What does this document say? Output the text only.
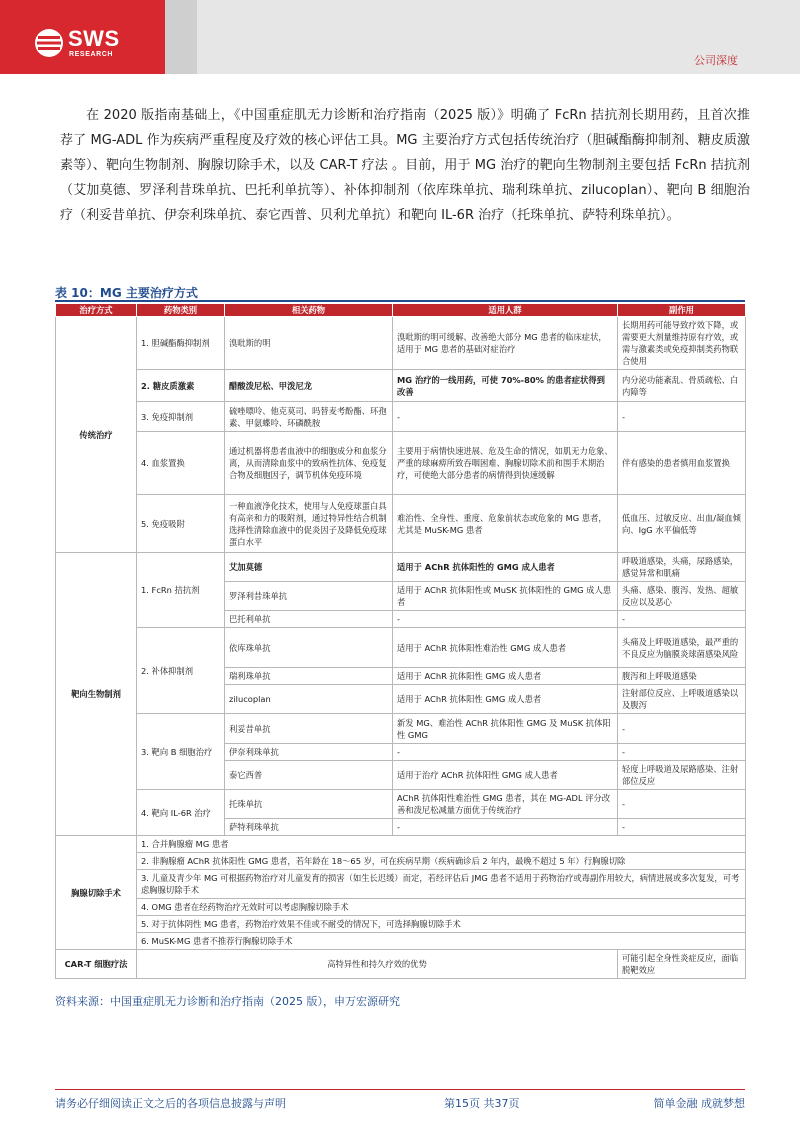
SWS
RESEARCH	公司深度

在 2020 版指南基础上，《中国重症肌无力诊断和治疗指南（2025 版）》明确了 FcRn 拮抗剂长期用药，且首次推荐了 MG-ADL 作为疾病严重程度及疗效的核心评估工具。MG 主要治疗方式包括传统治疗（胆碱酯酶抑制剂、糖皮质激素等）、靶向生物制剂、胸腺切除手术，以及 CAR-T 疗法 。目前，用于 MG 治疗的靶向生物制剂主要包括 FcRn 拮抗剂（艾加莫德、罗泽利昔珠单抗、巴托利单抗等）、补体抑制剂（依库珠单抗、瑞利珠单抗、zilucoplan）、靶向 B 细胞治疗（利妥昔单抗、伊奈利珠单抗、泰它西普、贝利尤单抗）和靶向 IL-6R 治疗（托珠单抗、萨特利珠单抗）。

表 10：MG 主要治疗方式
治疗方式	药物类别	相关药物	适用人群	副作用
传统治疗	1. 胆碱酯酶抑制剂	溴吡斯的明	溴吡斯的明可缓解、改善绝大部分 MG 患者的临床症状，适用于 MG 患者的基础对症治疗	长期用药可能导致疗效下降，或需要更大剂量维持原有疗效，或需与激素类或免疫抑制类药物联合使用
	2. 糖皮质激素	醋酸泼尼松、甲泼尼龙	MG 治疗的一线用药，可使 70%-80% 的患者症状得到改善	内分泌功能紊乱、骨质疏松、白内障等
	3. 免疫抑制剂	硫唑嘌呤、他克莫司、吗替麦考酚酯、环孢素、甲氨蝶呤、环磷酰胺	-	-
	4. 血浆置换	通过机器将患者血液中的细胞成分和血浆分离，从而清除血浆中的致病性抗体、免疫复合物及细胞因子，调节机体免疫环境	主要用于病情快速进展、危及生命的情况，如肌无力危象、严重的球麻痹所致吞咽困难、胸腺切除术前和围手术期治疗，可使绝大部分患者的病情得到快速缓解	伴有感染的患者慎用血浆置换
	5. 免疫吸附	一种血液净化技术，使用与人免疫球蛋白具有高亲和力的吸附剂，通过特异性结合机制选择性清除血液中的促炎因子及降低免疫球蛋白水平	难治性、全身性、重度、危象前状态或危象的 MG 患者，尤其是 MuSK-MG 患者	低血压、过敏反应、出血/凝血倾向、IgG 水平偏低等
靶向生物制剂	1. FcRn 拮抗剂	艾加莫德	适用于 AChR 抗体阳性的 GMG 成人患者	呼吸道感染，头痛，尿路感染，感觉异常和肌痛
		罗泽利昔珠单抗	适用于 AChR 抗体阳性或 MuSK 抗体阳性的 GMG 成人患者	头痛、感染、腹泻、发热、超敏反应以及恶心
		巴托利单抗	-	-
	2. 补体抑制剂	依库珠单抗	适用于 AChR 抗体阳性难治性 GMG 成人患者	头痛及上呼吸道感染，最严重的不良反应为脑膜炎球菌感染风险
		瑞利珠单抗	适用于 AChR 抗体阳性 GMG 成人患者	腹泻和上呼吸道感染
		zilucoplan	适用于 AChR 抗体阳性 GMG 成人患者	注射部位反应、上呼吸道感染以及腹泻
	3. 靶向 B 细胞治疗	利妥昔单抗	新发 MG、难治性 AChR 抗体阳性 GMG 及 MuSK 抗体阳性 GMG	-
		伊奈利珠单抗	-	-
		泰它西普	适用于治疗 AChR 抗体阳性 GMG 成人患者	轻度上呼吸道及尿路感染、注射部位反应
	4. 靶向 IL-6R 治疗	托珠单抗	AChR 抗体阳性难治性 GMG 患者，其在 MG-ADL 评分改善和泼尼松减量方面优于传统治疗	-
		萨特利珠单抗	-	-
胸腺切除手术	1. 合并胸腺瘤 MG 患者			
	2. 非胸腺瘤 AChR 抗体阳性 GMG 患者，若年龄在 18～65 岁，可在疾病早期（疾病确诊后 2 年内，最晚不超过 5 年）行胸腺切除			
	3. 儿童及青少年 MG 可根据药物治疗对儿童发育的损害（如生长迟缓）而定，若经评估后 JMG 患者不适用于药物治疗或毒副作用较大，病情进展或多次复发，可考虑胸腺切除手术			
	4. OMG 患者在经药物治疗无效时可以考虑胸腺切除手术			
	5. 对于抗体阴性 MG 患者，药物治疗效果不佳或不耐受的情况下，可选择胸腺切除手术			
	6. MuSK-MG 患者不推荐行胸腺切除手术			
CAR-T 细胞疗法	高特异性和持久疗效的优势			可能引起全身性炎症反应，面临脱靶效应
资料来源：中国重症肌无力诊断和治疗指南（2025 版），申万宏源研究
请务必仔细阅读正文之后的各项信息披露与声明	第15页 共37页	简单金融 成就梦想
